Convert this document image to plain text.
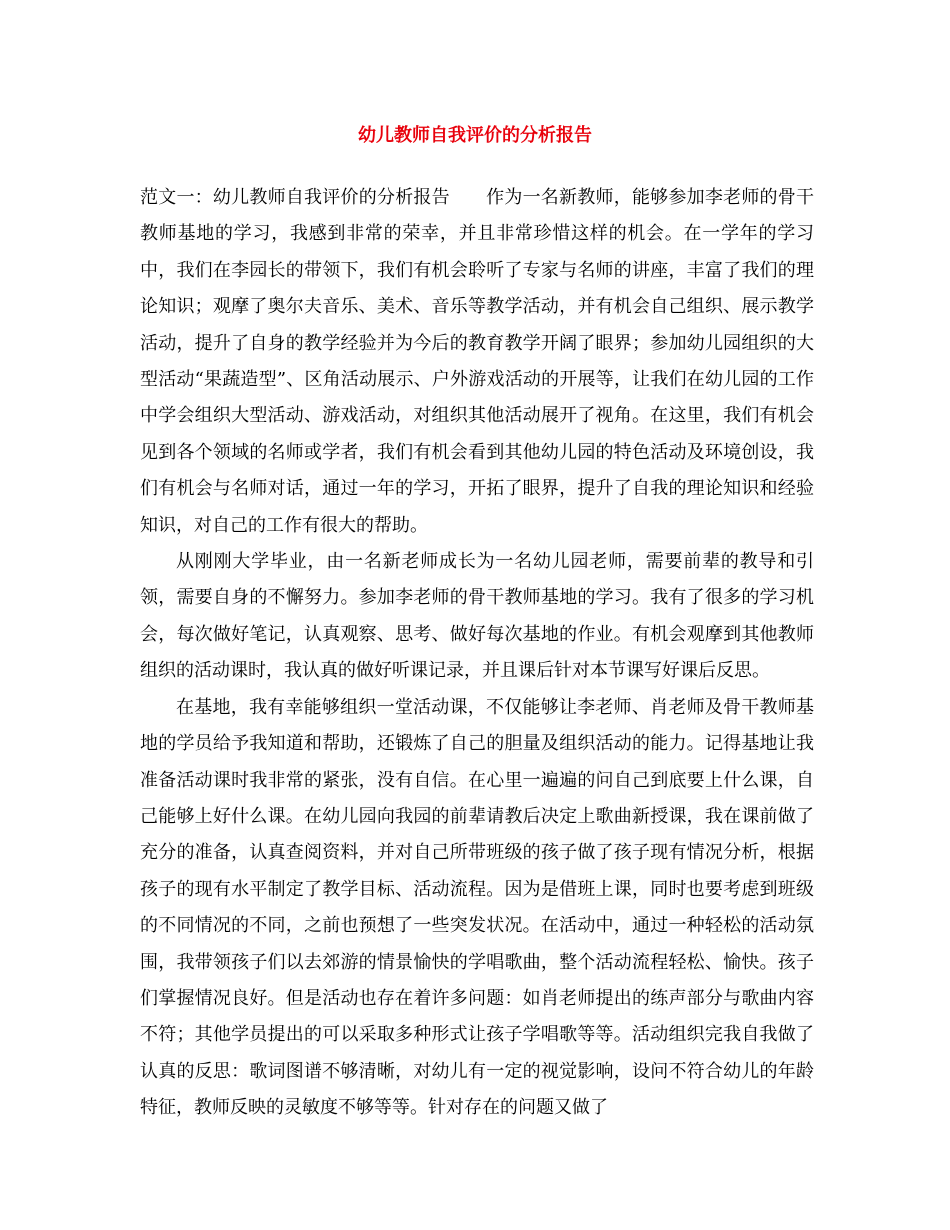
幼儿教师自我评价的分析报告

范文一：幼儿教师自我评价的分析报告 作为一名新教师，能够参加李老师的骨干教师基地的学习，我感到非常的荣幸，并且非常珍惜这样的机会。在一学年的学习中，我们在李园长的带领下，我们有机会聆听了专家与名师的讲座，丰富了我们的理论知识；观摩了奥尔夫音乐、美术、音乐等教学活动，并有机会自己组织、展示教学活动，提升了自身的教学经验并为今后的教育教学开阔了眼界；参加幼儿园组织的大型活动“果蔬造型”、区角活动展示、户外游戏活动的开展等，让我们在幼儿园的工作中学会组织大型活动、游戏活动，对组织其他活动展开了视角。在这里，我们有机会见到各个领域的名师或学者，我们有机会看到其他幼儿园的特色活动及环境创设，我们有机会与名师对话，通过一年的学习，开拓了眼界，提升了自我的理论知识和经验知识，对自己的工作有很大的帮助。

从刚刚大学毕业，由一名新老师成长为一名幼儿园老师，需要前辈的教导和引领，需要自身的不懈努力。参加李老师的骨干教师基地的学习。我有了很多的学习机会，每次做好笔记，认真观察、思考、做好每次基地的作业。有机会观摩到其他教师组织的活动课时，我认真的做好听课记录，并且课后针对本节课写好课后反思。

在基地，我有幸能够组织一堂活动课，不仅能够让李老师、肖老师及骨干教师基地的学员给予我知道和帮助，还锻炼了自己的胆量及组织活动的能力。记得基地让我准备活动课时我非常的紧张，没有自信。在心里一遍遍的问自己到底要上什么课，自己能够上好什么课。在幼儿园向我园的前辈请教后决定上歌曲新授课，我在课前做了充分的准备，认真查阅资料，并对自己所带班级的孩子做了孩子现有情况分析，根据孩子的现有水平制定了教学目标、活动流程。因为是借班上课，同时也要考虑到班级的不同情况的不同，之前也预想了一些突发状况。在活动中，通过一种轻松的活动氛围，我带领孩子们以去郊游的情景愉快的学唱歌曲，整个活动流程轻松、愉快。孩子们掌握情况良好。但是活动也存在着许多问题：如肖老师提出的练声部分与歌曲内容不符；其他学员提出的可以采取多种形式让孩子学唱歌等等。活动组织完我自我做了认真的反思：歌词图谱不够清晰，对幼儿有一定的视觉影响，设问不符合幼儿的年龄特征，教师反映的灵敏度不够等等。针对存在的问题又做了
